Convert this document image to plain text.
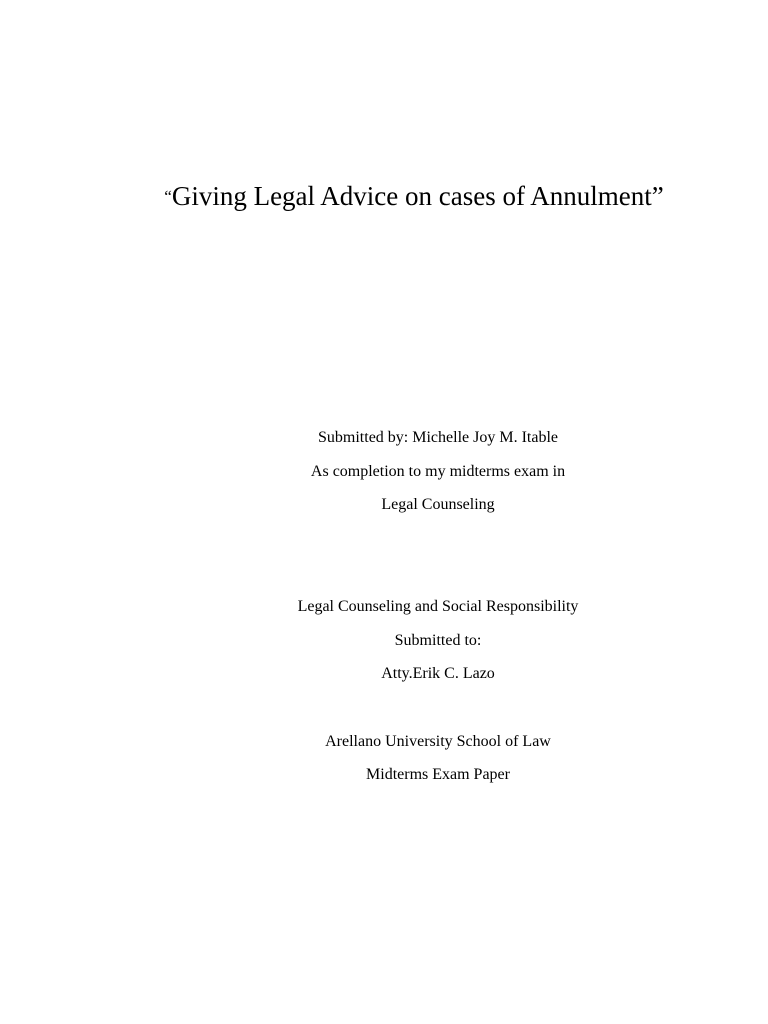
“Giving Legal Advice on cases of Annulment”
Submitted by: Michelle Joy M. Itable
As completion to my midterms exam in
Legal Counseling
Legal Counseling and Social Responsibility
Submitted to:
Atty.Erik C. Lazo
Arellano University School of Law
Midterms Exam Paper
